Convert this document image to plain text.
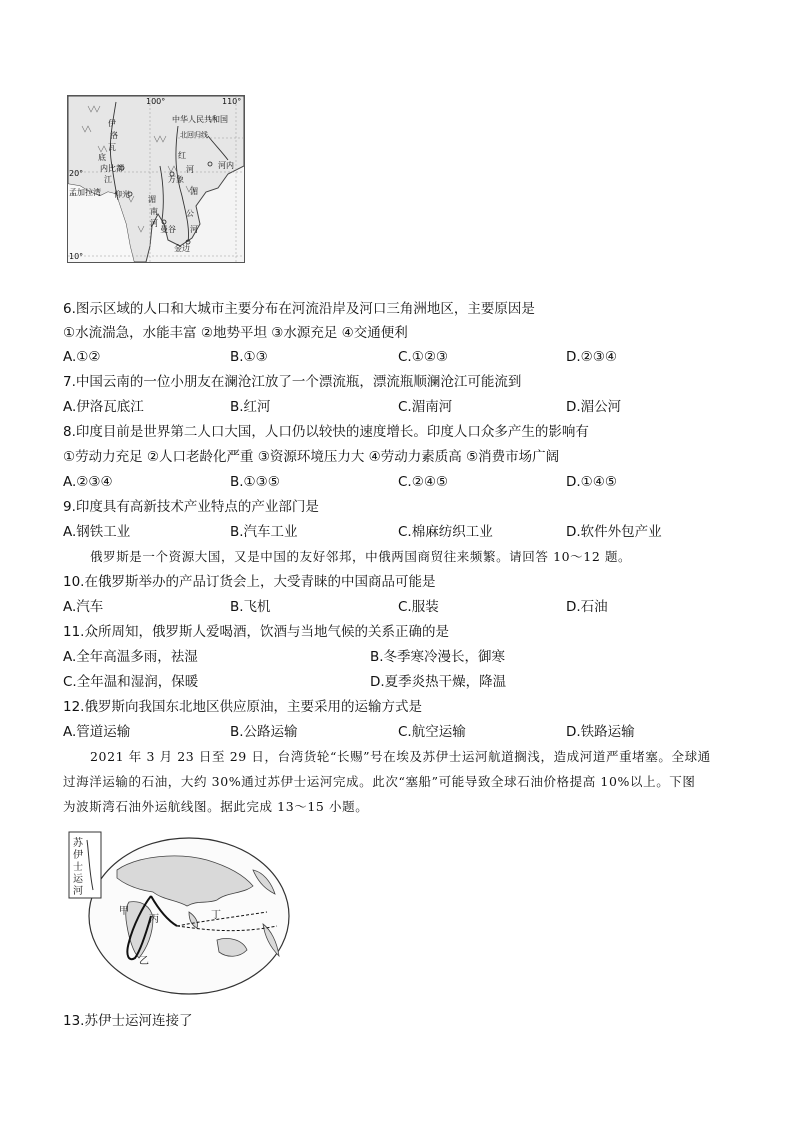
100°	110°
20°
10°
中华人民共和国
北回归线
伊
洛
瓦
底
江
内比都
孟加拉湾 仰光
万象
河内
红
河
湄
南
河
湄
公
河
曼谷
金边
6.图示区域的人口和大城市主要分布在河流沿岸及河口三角洲地区，主要原因是
①水流湍急，水能丰富 ②地势平坦 ③水源充足 ④交通便利
A.①②	B.①③	C.①②③	D.②③④
7.中国云南的一位小朋友在澜沧江放了一个漂流瓶，漂流瓶顺澜沧江可能流到
A.伊洛瓦底江	B.红河	C.湄南河	D.湄公河
8.印度目前是世界第二人口大国，人口仍以较快的速度增长。印度人口众多产生的影响有
①劳动力充足 ②人口老龄化严重 ③资源环境压力大 ④劳动力素质高 ⑤消费市场广阔
A.②③④	B.①③⑤	C.②④⑤	D.①④⑤
9.印度具有高新技术产业特点的产业部门是
A.钢铁工业	B.汽车工业	C.棉麻纺织工业	D.软件外包产业
俄罗斯是一个资源大国，又是中国的友好邻邦，中俄两国商贸往来频繁。请回答 10～12 题。
10.在俄罗斯举办的产品订货会上，大受青睐的中国商品可能是
A.汽车	B.飞机	C.服装	D.石油
11.众所周知，俄罗斯人爱喝酒，饮酒与当地气候的关系正确的是
A.全年高温多雨，祛湿	B.冬季寒冷漫长，御寒
C.全年温和湿润，保暖	D.夏季炎热干燥，降温
12.俄罗斯向我国东北地区供应原油，主要采用的运输方式是
A.管道运输	B.公路运输	C.航空运输	D.铁路运输
2021 年 3 月 23 日至 29 日，台湾货轮“长赐”号在埃及苏伊士运河航道搁浅，造成河道严重堵塞。全球通
过海洋运输的石油，大约 30%通过苏伊士运河完成。此次“塞船”可能导致全球石油价格提高 10%以上。下图
为波斯湾石油外运航线图。据此完成 13～15 小题。
苏
伊
士
运
河
甲
乙
丙	丁
13.苏伊士运河连接了
